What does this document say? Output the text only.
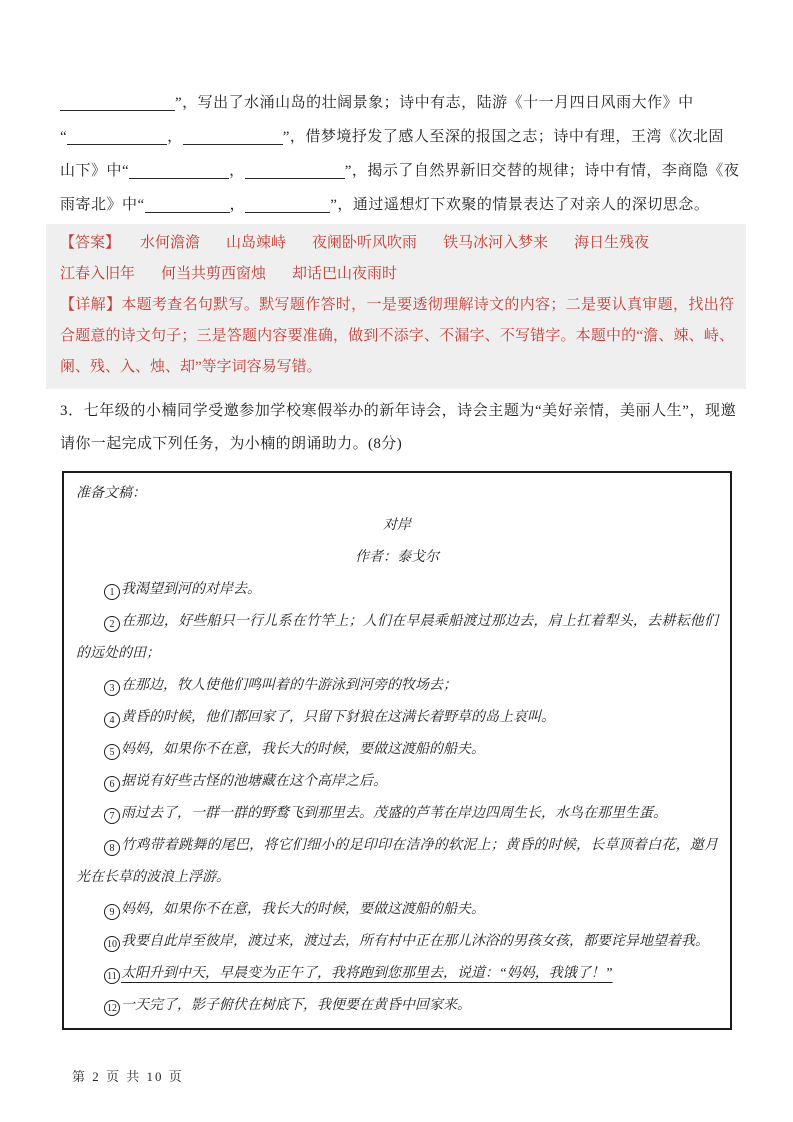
”，写出了水涌山岛的壮阔景象；诗中有志，陆游《十一月四日风雨大作》中
“	，	”，借梦境抒发了感人至深的报国之志；诗中有理，王湾《次北固
山下》中“	，	”，揭示了自然界新旧交替的规律；诗中有情，李商隐《夜
雨寄北》中“	，	”，通过遥想灯下欢聚的情景表达了对亲人的深切思念。
【答案】 水何澹澹 山岛竦峙 夜阑卧听风吹雨 铁马冰河入梦来 海日生残夜
江春入旧年 何当共剪西窗烛 却话巴山夜雨时

【详解】本题考查名句默写。默写题作答时，一是要透彻理解诗文的内容；二是要认真审题，找出符合题意的诗文句子；三是答题内容要准确，做到不添字、不漏字、不写错字。本题中的“澹、竦、峙、阑、残、入、烛、却”等字词容易写错。

3．七年级的小楠同学受邀参加学校寒假举办的新年诗会，诗会主题为“美好亲情，美丽人生”，现邀请你一起完成下列任务，为小楠的朗诵助力。(8分)

准备文稿：

对岸

作者：泰戈尔

1 我渴望到河的对岸去。

2 在那边，好些船只一行儿系在竹竿上；人们在早晨乘船渡过那边去，肩上扛着犁头，去耕耘他们的远处的田；

3 在那边，牧人使他们鸣叫着的牛游泳到河旁的牧场去；

4 黄昏的时候，他们都回家了，只留下豺狼在这满长着野草的岛上哀叫。

5 妈妈，如果你不在意，我长大的时候，要做这渡船的船夫。

6 据说有好些古怪的池塘藏在这个高岸之后。

7 雨过去了，一群一群的野鹜飞到那里去。茂盛的芦苇在岸边四周生长，水鸟在那里生蛋。

8 竹鸡带着跳舞的尾巴，将它们细小的足印印在洁净的软泥上；黄昏的时候，长草顶着白花，邀月光在长草的波浪上浮游。

9 妈妈，如果你不在意，我长大的时候，要做这渡船的船夫。

10 我要自此岸至彼岸，渡过来，渡过去，所有村中正在那儿沐浴的男孩女孩，都要诧异地望着我。

11 太阳升到中天，早晨变为正午了，我将跑到您那里去，说道：“妈妈，我饿了！”

12 一天完了，影子俯伏在树底下，我便要在黄昏中回家来。

第 2 页 共 10 页
